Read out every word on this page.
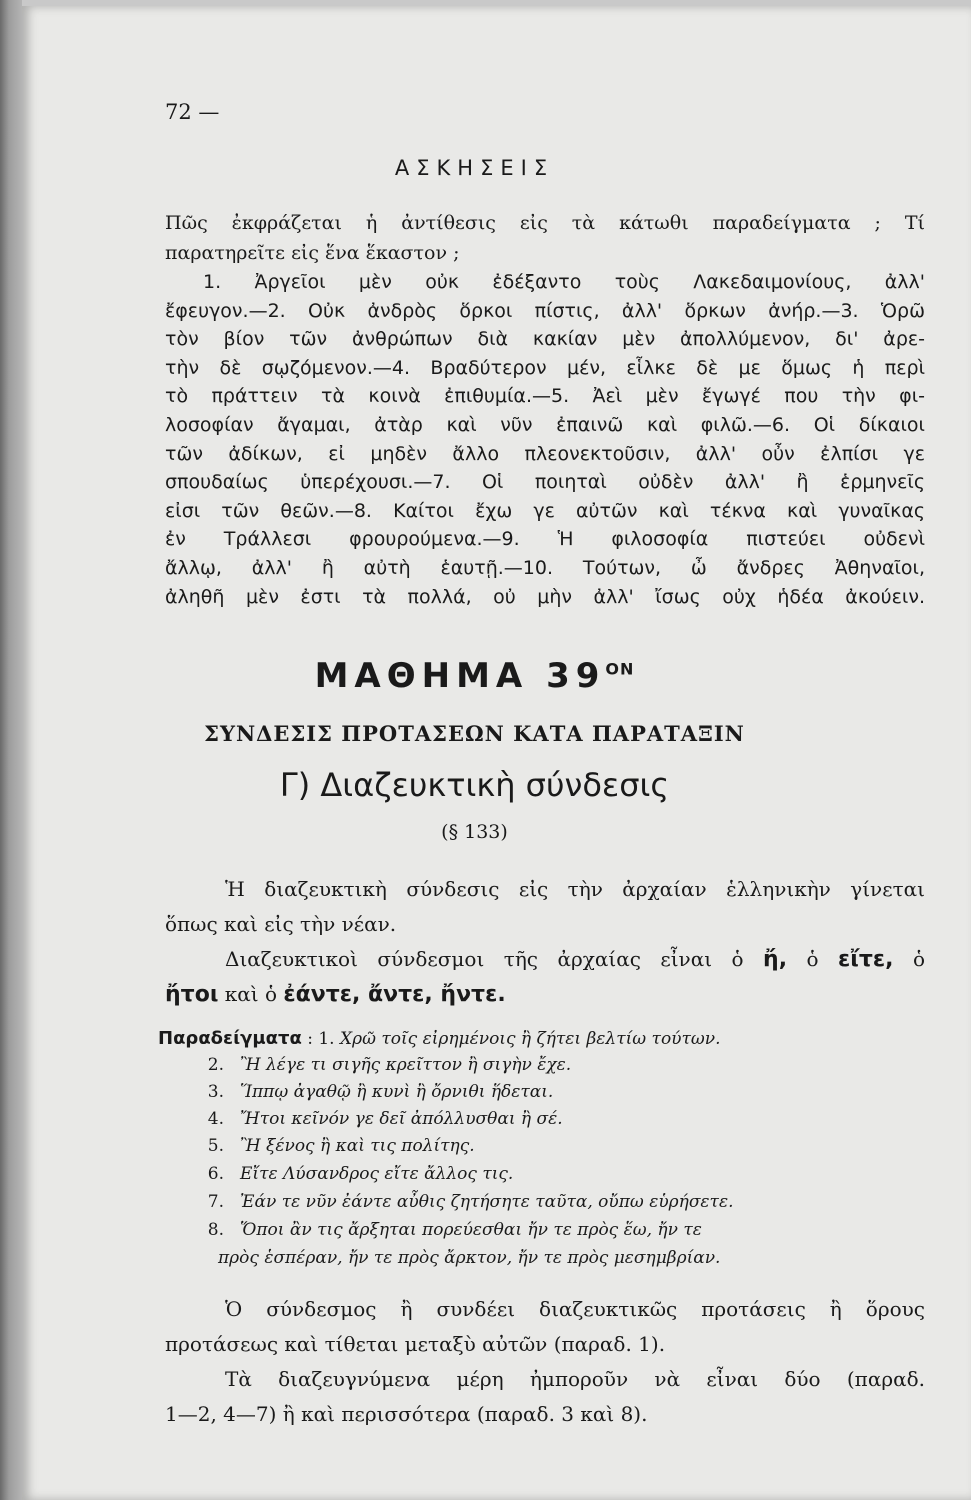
72 —
ΑΣΚΗΣΕΙΣ
Πῶς ἐκφράζεται ἡ ἀντίθεσις εἰς τὰ κάτωθι παραδείγματα ; Τί
παρατηρεῖτε εἰς ἕνα ἕκαστον ;
1. Ἀργεῖοι μὲν οὐκ ἐδέξαντο τοὺς Λακεδαιμονίους, ἀλλ'
ἔφευγον.—2. Οὐκ ἀνδρὸς ὅρκοι πίστις, ἀλλ' ὅρκων ἀνήρ.—3. Ὁρῶ
τὸν βίον τῶν ἀνθρώπων διὰ κακίαν μὲν ἀπολλύμενον, δι' ἀρε-
τὴν δὲ σῳζόμενον.—4. Βραδύτερον μέν, εἷλκε δὲ με ὅμως ἡ περὶ
τὸ πράττειν τὰ κοινὰ ἐπιθυμία.—5. Ἀεὶ μὲν ἔγωγέ που τὴν φι-
λοσοφίαν ἄγαμαι, ἀτὰρ καὶ νῦν ἐπαινῶ καὶ φιλῶ.—6. Οἱ δίκαιοι
τῶν ἀδίκων, εἰ μηδὲν ἄλλο πλεονεκτοῦσιν, ἀλλ' οὖν ἐλπίσι γε
σπουδαίως ὑπερέχουσι.—7. Οἱ ποιηταὶ οὐδὲν ἀλλ' ἢ ἑρμηνεῖς
εἰσι τῶν θεῶν.—8. Καίτοι ἔχω γε αὐτῶν καὶ τέκνα καὶ γυναῖκας
ἐν Τράλλεσι φρουρούμενα.—9. Ἡ φιλοσοφία πιστεύει οὐδενὶ
ἄλλῳ, ἀλλ' ἢ αὐτὴ ἑαυτῇ.—10. Τούτων, ὦ ἄνδρες Ἀθηναῖοι,
ἀληθῆ μὲν ἐστι τὰ πολλά, οὐ μὴν ἀλλ' ἴσως οὐχ ἡδέα ἀκούειν.
ΜΑΘΗΜΑ $39^{ON}$
ΣΥΝΔΕΣΙΣ ΠΡΟΤΑΣΕΩΝ ΚΑΤΑ ΠΑΡΑΤΑΞΙΝ
Γ) Διαζευκτικὴ σύνδεσις
(§ 133)
Ἡ διαζευκτικὴ σύνδεσις εἰς τὴν ἀρχαίαν ἑλληνικὴν γίνεται
ὅπως καὶ εἰς τὴν νέαν.
Διαζευκτικοὶ σύνδεσμοι τῆς ἀρχαίας εἶναι ὁ ἤ, ὁ εἴτε, ὁ
ἤτοι καὶ ὁ ἐάντε, ἄντε, ἤντε.
Παραδείγματα : 1. Χρῶ τοῖς εἰρημένοις ἢ ζήτει βελτίω τούτων.
2. Ἢ λέγε τι σιγῆς κρεῖττον ἢ σιγὴν ἔχε.
3. Ἵππῳ ἀγαθῷ ἢ κυνὶ ἢ ὄρνιθι ἥδεται.
4. Ἤτοι κεῖνόν γε δεῖ ἀπόλλυσθαι ἢ σέ.
5. Ἢ ξένος ἢ καὶ τις πολίτης.
6. Εἴτε Λύσανδρος εἴτε ἄλλος τις.
7. Ἐάν τε νῦν ἐάντε αὖθις ζητήσητε ταῦτα, οὔπω εὑρήσετε.
8. Ὅποι ἂν τις ἄρξηται πορεύεσθαι ἤν τε πρὸς ἕω, ἤν τε
πρὸς ἑσπέραν, ἤν τε πρὸς ἄρκτον, ἤν τε πρὸς μεσημβρίαν.
Ὁ σύνδεσμος ἢ συνδέει διαζευκτικῶς προτάσεις ἢ ὅρους
προτάσεως καὶ τίθεται μεταξὺ αὐτῶν (παραδ. 1).
Τὰ διαζευγνύμενα μέρη ἠμποροῦν νὰ εἶναι δύο (παραδ.
1—2, 4—7) ἢ καὶ περισσότερα (παραδ. 3 καὶ 8).
